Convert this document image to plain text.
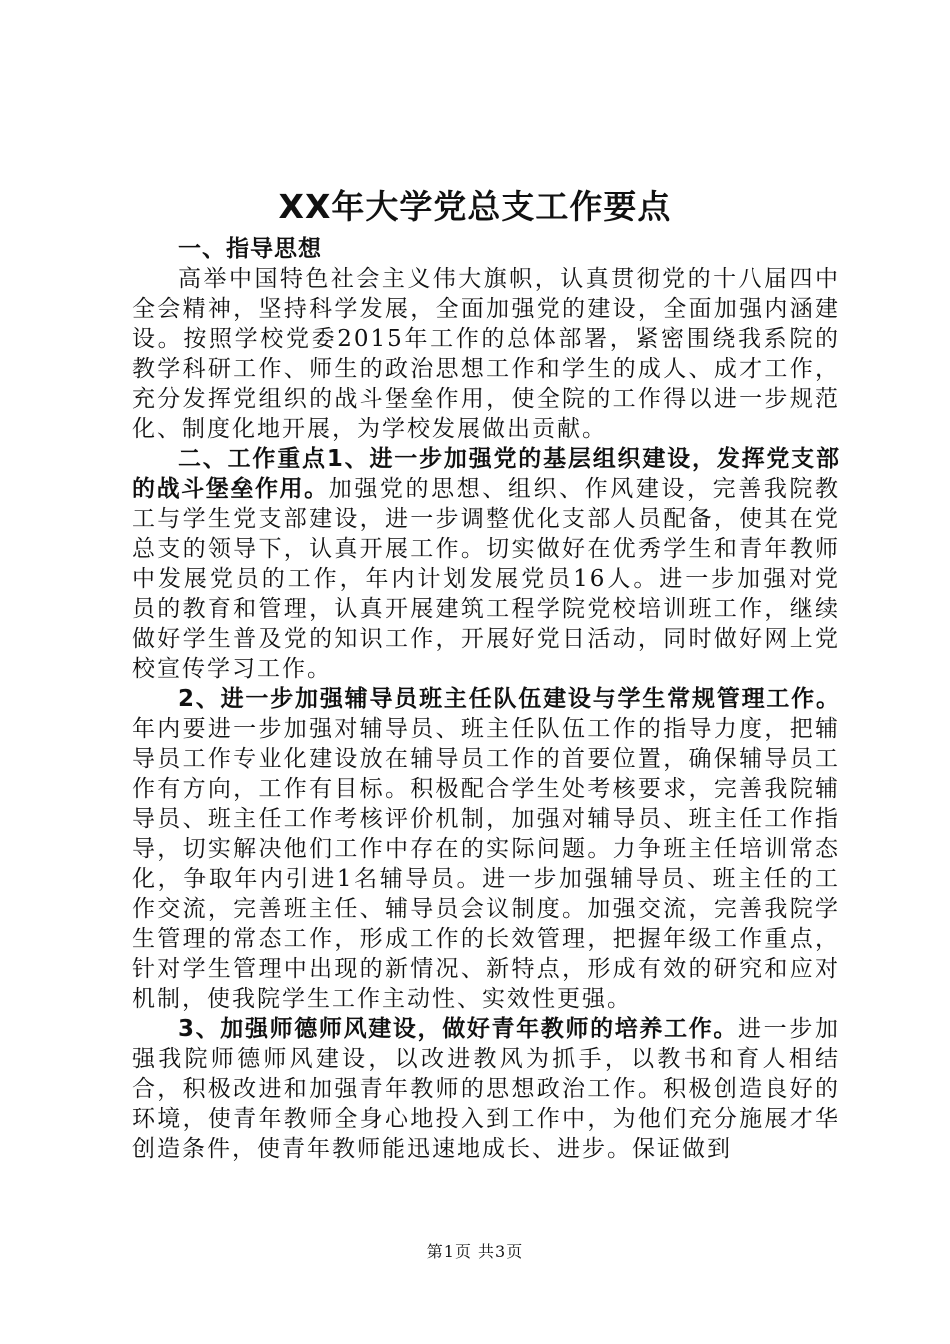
XX年大学党总支工作要点

一、指导思想

高举中国特色社会主义伟大旗帜，认真贯彻党的十八届四中全会精神，坚持科学发展，全面加强党的建设，全面加强内涵建设。按照学校党委2015年工作的总体部署，紧密围绕我系院的教学科研工作、师生的政治思想工作和学生的成人、成才工作，充分发挥党组织的战斗堡垒作用，使全院的工作得以进一步规范化、制度化地开展，为学校发展做出贡献。

二、工作重点1、进一步加强党的基层组织建设，发挥党支部的战斗堡垒作用。加强党的思想、组织、作风建设，完善我院教工与学生党支部建设，进一步调整优化支部人员配备，使其在党总支的领导下，认真开展工作。切实做好在优秀学生和青年教师中发展党员的工作，年内计划发展党员16人。进一步加强对党员的教育和管理，认真开展建筑工程学院党校培训班工作，继续做好学生普及党的知识工作，开展好党日活动，同时做好网上党校宣传学习工作。

2、进一步加强辅导员班主任队伍建设与学生常规管理工作。年内要进一步加强对辅导员、班主任队伍工作的指导力度，把辅导员工作专业化建设放在辅导员工作的首要位置，确保辅导员工作有方向，工作有目标。积极配合学生处考核要求，完善我院辅导员、班主任工作考核评价机制，加强对辅导员、班主任工作指导，切实解决他们工作中存在的实际问题。力争班主任培训常态化，争取年内引进1名辅导员。进一步加强辅导员、班主任的工作交流，完善班主任、辅导员会议制度。加强交流，完善我院学生管理的常态工作，形成工作的长效管理，把握年级工作重点，针对学生管理中出现的新情况、新特点，形成有效的研究和应对机制，使我院学生工作主动性、实效性更强。

3、加强师德师风建设，做好青年教师的培养工作。进一步加强我院师德师风建设，以改进教风为抓手，以教书和育人相结合，积极改进和加强青年教师的思想政治工作。积极创造良好的环境，使青年教师全身心地投入到工作中，为他们充分施展才华创造条件，使青年教师能迅速地成长、进步。保证做到

第1页 共3页
